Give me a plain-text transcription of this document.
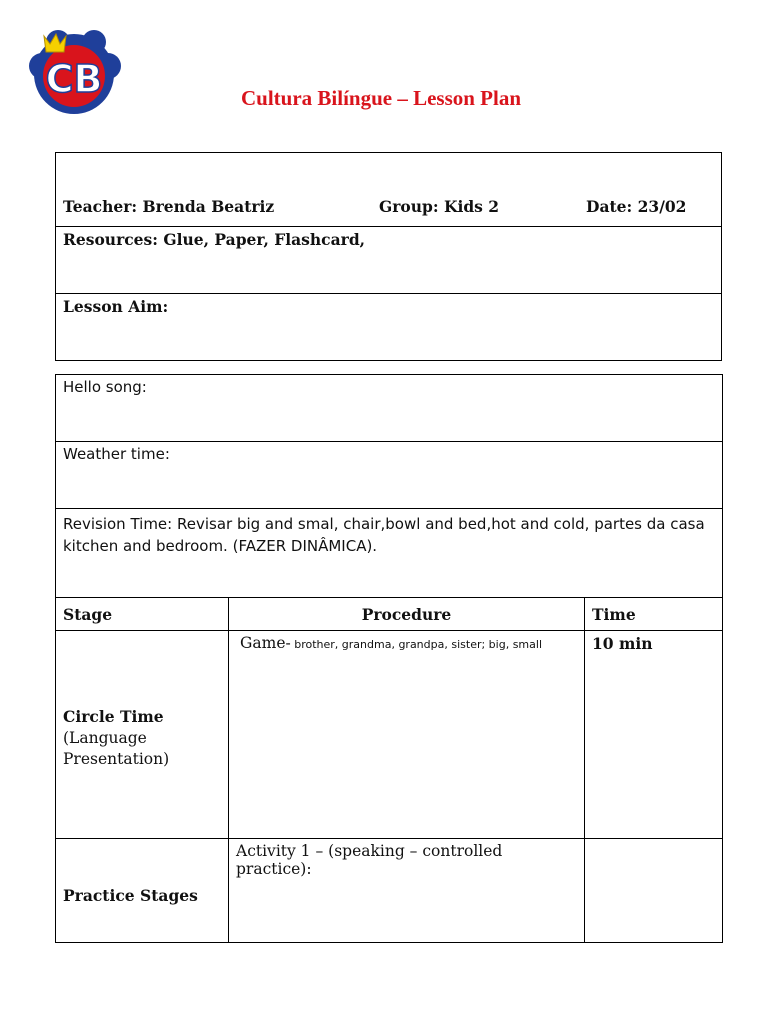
CB	Cultura Bilíngue – Lesson Plan
Teacher: Brenda Beatriz	Group: Kids 2	Date: 23/02

Resources: Glue, Paper, Flashcard,
Lesson Aim:
Hello song:		
Weather time:		
Revision Time: Revisar big and smal, chair,bowl and bed,hot and cold, partes da casa kitchen and bedroom. (FAZER DINÂMICA).		
Stage	Procedure	Time

Circle Time
(Language Presentation)	Game- brother, grandma, grandpa, sister; big, small	10 min
Practice Stages	Activity 1 – (speaking – controlled practice):	
